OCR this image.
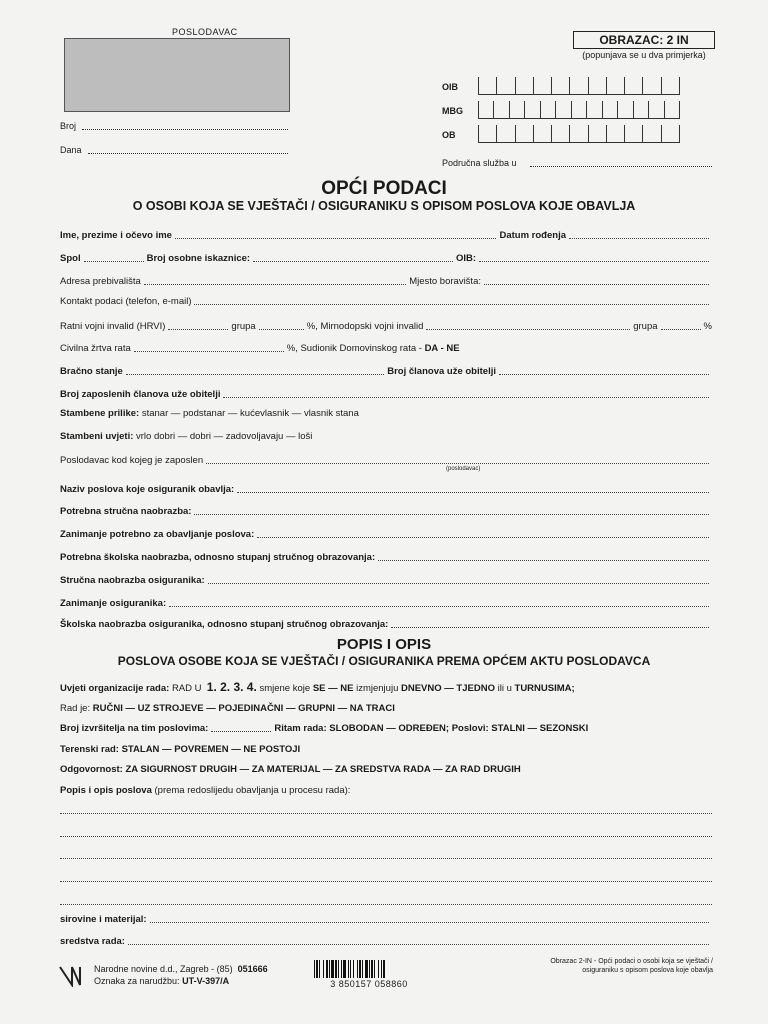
POSLODAVAC
Broj
Dana
OBRAZAC: 2 IN
(popunjava se u dva primjerka)
OIB
MBG
OB
Područna služba u
OPĆI PODACI
O OSOBI KOJA SE VJEŠTAČI / OSIGURANIKU S OPISOM POSLOVA KOJE OBAVLJA
Ime, prezime i očevo ime	Datum rođenja
Spol	Broj osobne iskaznice:	OIB:
Adresa prebivališta	Mjesto boravišta:
Kontakt podaci (telefon, e-mail)
Ratni vojni invalid (HRVI)	grupa	%, Mirnodopski vojni invalid	grupa	%
Civilna žrtva rata	%, Sudionik Domovinskog rata -
DA - NE
Bračno stanje	Broj članova uže obitelji
Broj zaposlenih članova uže obitelji
Stambene prilike:
stanar — podstanar — kućevlasnik — vlasnik stana
Stambeni uvjeti:
vrlo dobri — dobri — zadovoljavaju — loši
Poslodavac kod kojeg je zaposlen
(poslodavac)
Naziv poslova koje osiguranik obavlja:
Potrebna stručna naobrazba:
Zanimanje potrebno za obavljanje poslova:
Potrebna školska naobrazba, odnosno stupanj stručnog obrazovanja:
Stručna naobrazba osiguranika:
Zanimanje osiguranika:
Školska naobrazba osiguranika, odnosno stupanj stručnog obrazovanja:
POPIS I OPIS
POSLOVA OSOBE KOJA SE VJEŠTAČI / OSIGURANIKA PREMA OPĆEM AKTU POSLODAVCA
Uvjeti organizacije rada:
RAD U
1. 2. 3. 4.
smjene koje
SE — NE
izmjenjuju
DNEVNO — TJEDNO
ili u
TURNUSIMA;
Rad je:
RUČNI — UZ STROJEVE — POJEDINAČNI — GRUPNI — NA TRACI
Broj izvršitelja na tim poslovima:	Ritam rada: SLOBODAN — ODREĐEN; Poslovi: STALNI — SEZONSKI
Terenski rad: STALAN — POVREMEN — NE POSTOJI
Odgovornost:
ZA SIGURNOST DRUGIH — ZA MATERIJAL — ZA SREDSTVA RADA — ZA RAD DRUGIH
Popis i opis poslova
(prema redoslijedu obavljanja u procesu rada):
sirovine i materijal:
sredstva rada:
Narodne novine d.d., Zagreb - (85) 051666
Oznaka za narudžbu: UT-V-397/A	3 850157 058860
Obrazac 2-IN - Opći podaci o osobi koja se vještači / osiguraniku s opisom poslova koje obavlja
